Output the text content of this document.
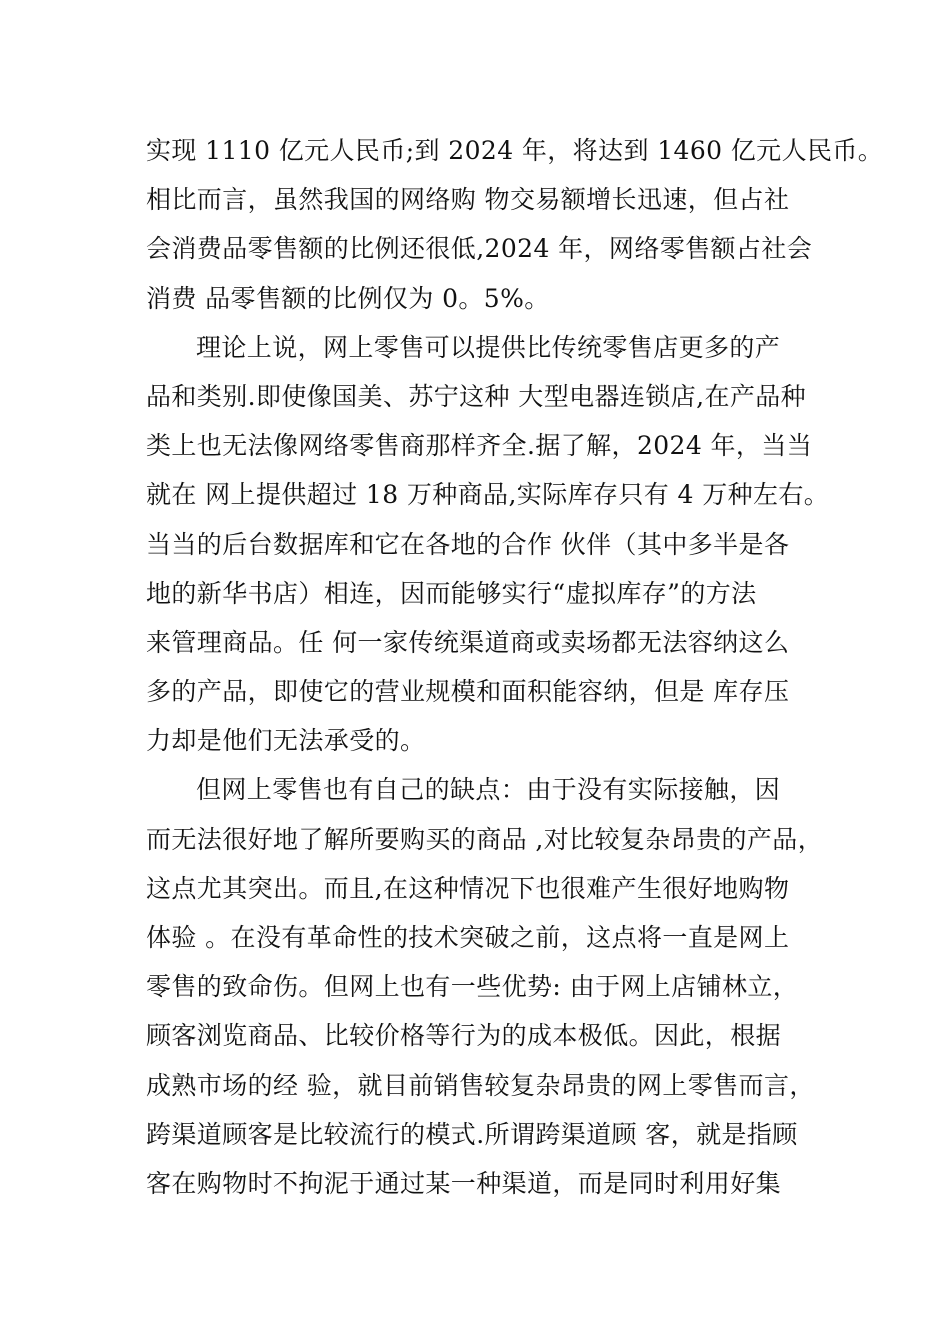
实现 1110 亿元人民币;到 2024 年，将达到 1460 亿元人民币。
相比而言，虽然我国的网络购 物交易额增长迅速，但占社
会消费品零售额的比例还很低,2024 年，网络零售额占社会
消费 品零售额的比例仅为 0。5%。
理论上说，网上零售可以提供比传统零售店更多的产
品和类别.即使像国美、苏宁这种 大型电器连锁店,在产品种
类上也无法像网络零售商那样齐全.据了解，2024 年，当当
就在 网上提供超过 18 万种商品,实际库存只有 4 万种左右。
当当的后台数据库和它在各地的合作 伙伴（其中多半是各
地的新华书店）相连，因而能够实行“虚拟库存”的方法
来管理商品。任 何一家传统渠道商或卖场都无法容纳这么
多的产品，即使它的营业规模和面积能容纳，但是 库存压
力却是他们无法承受的。
但网上零售也有自己的缺点：由于没有实际接触，因
而无法很好地了解所要购买的商品 ,对比较复杂昂贵的产品，
这点尤其突出。而且,在这种情况下也很难产生很好地购物
体验 。在没有革命性的技术突破之前，这点将一直是网上
零售的致命伤。但网上也有一些优势: 由于网上店铺林立，
顾客浏览商品、比较价格等行为的成本极低。因此，根据
成熟市场的经 验，就目前销售较复杂昂贵的网上零售而言，
跨渠道顾客是比较流行的模式.所谓跨渠道顾 客，就是指顾
客在购物时不拘泥于通过某一种渠道，而是同时利用好集
